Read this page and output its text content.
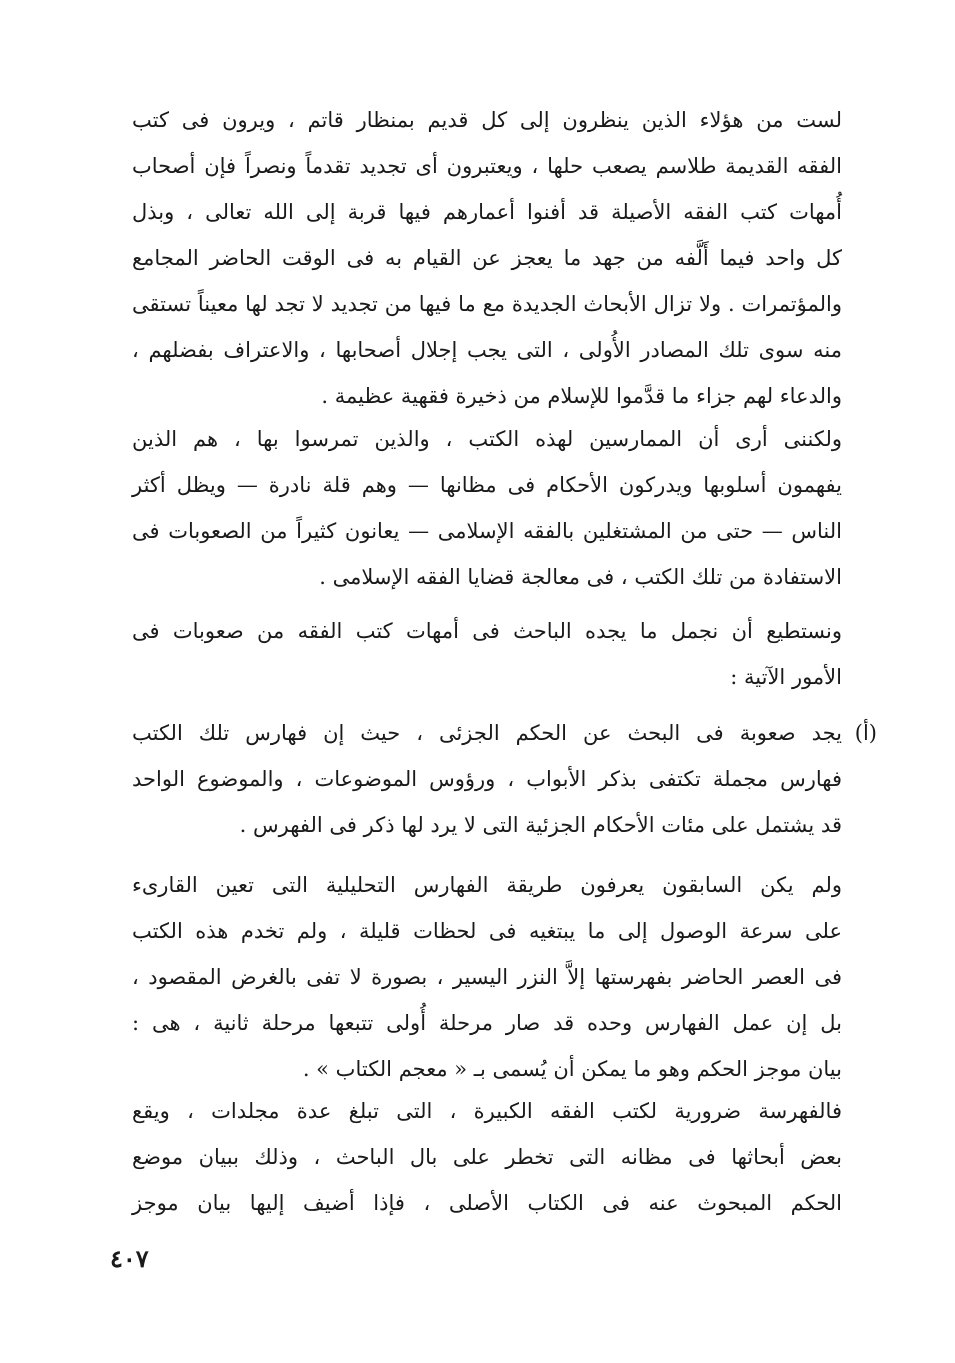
لست من هؤلاء الذين ينظرون إلى كل قديم بمنظار قاتم ، ويرون فى كتب
الفقه القديمة طلاسم يصعب حلها ، ويعتبرون أى تجديد تقدماً ونصراً فإن أصحاب
أُمهات كتب الفقه الأصيلة قد أفنوا أعمارهم فيها قربة إلى الله تعالى ، وبذل
كل واحد فيما أَلَّفه من جهد ما يعجز عن القيام به فى الوقت الحاضر المجامع
والمؤتمرات . ولا تزال الأبحاث الجديدة مع ما فيها من تجديد لا تجد لها معيناً تستقى
منه سوى تلك المصادر الأُولى ، التى يجب إجلال أصحابها ، والاعتراف بفضلهم ،
والدعاء لهم جزاء ما قدَّموا للإسلام من ذخيرة فقهية عظيمة .
ولكننى أرى أن الممارسين لهذه الكتب ، والذين تمرسوا بها ، هم الذين
يفهمون أسلوبها ويدركون الأحكام فى مظانها — وهم قلة نادرة — ويظل أكثر
الناس — حتى من المشتغلين بالفقه الإسلامى — يعانون كثيراً من الصعوبات فى
الاستفادة من تلك الكتب ، فى معالجة قضايا الفقه الإسلامى .
ونستطيع أن نجمل ما يجده الباحث فى أمهات كتب الفقه من صعوبات فى
الأمور الآتية :
(أ)
يجد صعوبة فى البحث عن الحكم الجزئى ، حيث إن فهارس تلك الكتب
فهارس مجملة تكتفى بذكر الأبواب ، ورؤوس الموضوعات ، والموضوع الواحد
قد يشتمل على مئات الأحكام الجزئية التى لا يرد لها ذكر فى الفهرس .
ولم يكن السابقون يعرفون طريقة الفهارس التحليلية التى تعين القارىء
على سرعة الوصول إلى ما يبتغيه فى لحظات قليلة ، ولم تخدم هذه الكتب
فى العصر الحاضر بفهرستها إلاَّ النزر اليسير ، بصورة لا تفى بالغرض المقصود ،
بل إن عمل الفهارس وحده قد صار مرحلة أُولى تتبعها مرحلة ثانية ، هى :
بيان موجز الحكم وهو ما يمكن أن يُسمى بـ « معجم الكتاب » .
فالفهرسة ضرورية لكتب الفقه الكبيرة ، التى تبلغ عدة مجلدات ، ويقع
بعض أبحاثها فى مظانه التى تخطر على بال الباحث ، وذلك ببيان موضع
الحكم المبحوث عنه فى الكتاب الأصلى ، فإذا أضيف إليها بيان موجز
٤٠٧
